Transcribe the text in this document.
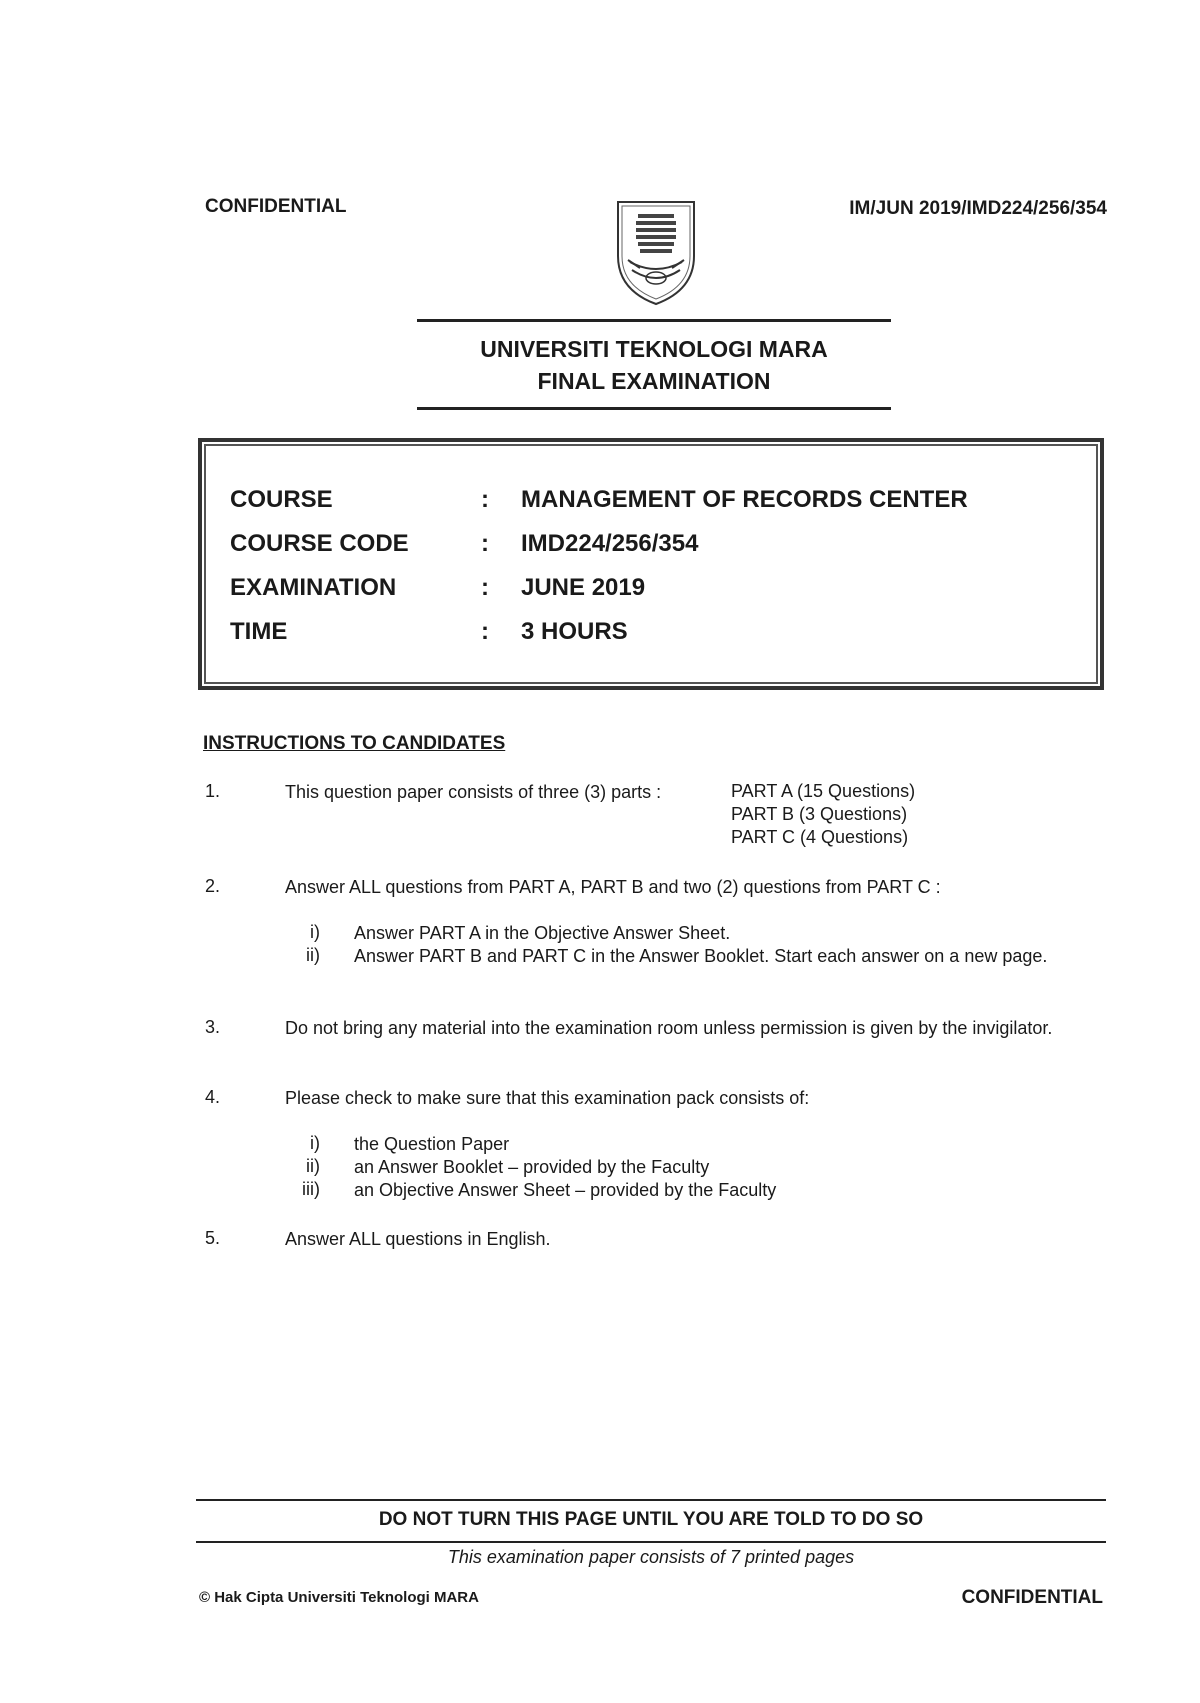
CONFIDENTIAL	IM/JUN 2019/IMD224/256/354
UNIVERSITI TEKNOLOGI MARA
FINAL EXAMINATION
COURSE	: MANAGEMENT OF RECORDS CENTER
COURSE CODE	: IMD224/256/354
EXAMINATION	: JUNE 2019
TIME	: 3 HOURS
INSTRUCTIONS TO CANDIDATES
1.	This question paper consists of three (3) parts :	PART A (15 Questions)
PART B (3 Questions)
PART C (4 Questions)
2.	Answer ALL questions from PART A, PART B and two (2) questions from PART C :
i) Answer PART A in the Objective Answer Sheet.
ii) Answer PART B and PART C in the Answer Booklet. Start each answer on a new page.
3.	Do not bring any material into the examination room unless permission is given by the invigilator.
4.	Please check to make sure that this examination pack consists of:
i) the Question Paper
ii) an Answer Booklet – provided by the Faculty
iii) an Objective Answer Sheet – provided by the Faculty
5.	Answer ALL questions in English.
DO NOT TURN THIS PAGE UNTIL YOU ARE TOLD TO DO SO
This examination paper consists of 7 printed pages
© Hak Cipta Universiti Teknologi MARA	CONFIDENTIAL
